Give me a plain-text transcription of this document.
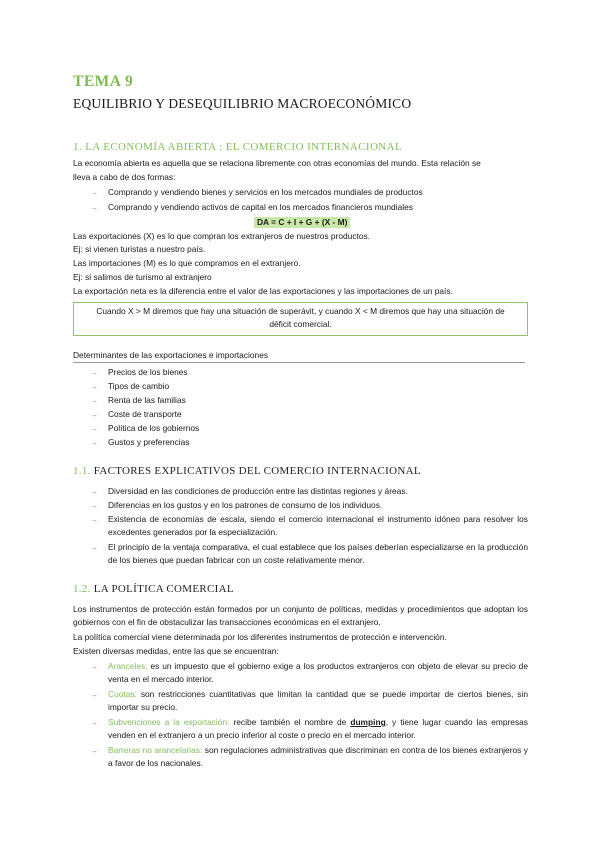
TEMA 9
EQUILIBRIO Y DESEQUILIBRIO MACROECONÓMICO
1. LA ECONOMÍA ABIERTA : EL COMERCIO INTERNACIONAL
La economía abierta es aquella que se relaciona libremente con otras economías del mundo. Esta relación se
lleva a cabo de dos formas:
→ Comprando y vendiendo bienes y servicios en los mercados mundiales de productos
→ Comprando y vendiendo activos de capital en los mercados financieros mundiales
DA = C + I + G + (X - M)
Las exportaciones (X) es lo que compran los extranjeros de nuestros productos.
Ej: si vienen turistas a nuestro país.
Las importaciones (M) es lo que compramos en el extranjero.
Ej: si salimos de turismo al extranjero
La exportación neta es la diferencia entre el valor de las exportaciones y las importaciones de un país.
Cuando X > M diremos que hay una situación de superávit, y cuando X < M diremos que hay una situación de
déficit comercial.
Determinantes de las exportaciones e importaciones
→ Precios de los bienes
→ Tipos de cambio
→ Renta de las familias
→ Coste de transporte
→ Política de los gobiernos
→ Gustos y preferencias
1.1. FACTORES EXPLICATIVOS DEL COMERCIO INTERNACIONAL
→	Diversidad en las condiciones de producción entre las distintas regiones y áreas.
→	Diferencias en los gustos y en los patrones de consumo de los individuos.
→	Existencia de economías de escala, siendo el comercio internacional el instrumento idóneo para resolver los excedentes generados por la especialización.
→	El principio de la ventaja comparativa, el cual establece que los países deberían especializarse en la producción de los bienes que puedan fabricar con un coste relativamente menor.
1.2. LA POLÍTICA COMERCIAL
Los instrumentos de protección están formados por un conjunto de políticas, medidas y procedimientos que adoptan los gobiernos con el fin de obstaculizar las transacciones económicas en el extranjero.
La política comercial viene determinada por los diferentes instrumentos de protección e intervención.
Existen diversas medidas, entre las que se encuentran:
→	Aranceles: es un impuesto que el gobierno exige a los productos extranjeros con objeto de elevar su precio de venta en el mercado interior.
→	Cuotas: son restricciones cuantitativas que limitan la cantidad que se puede importar de ciertos bienes, sin importar su precio.
→	Subvenciones a la exportación: recibe también el nombre de dumping, y tiene lugar cuando las empresas venden en el extranjero a un precio inferior al coste o precio en el mercado interior.
→	Barreras no arancelarias: son regulaciones administrativas que discriminan en contra de los bienes extranjeros y a favor de los nacionales.
